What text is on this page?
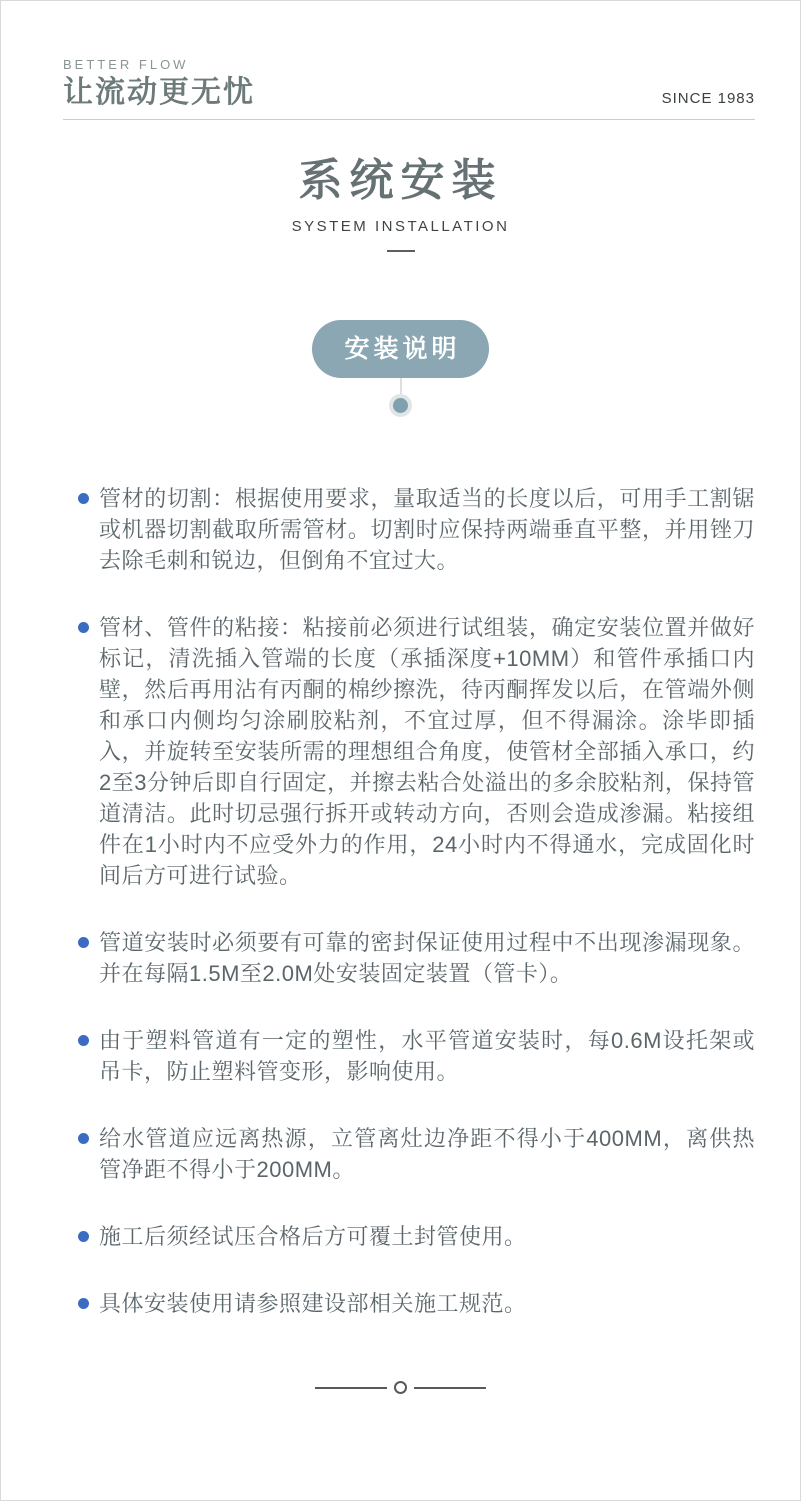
BETTER FLOW
让流动更无忧	SINCE 1983
系统安装
SYSTEM INSTALLATION
安装说明
管材的切割：根据使用要求，量取适当的长度以后，可用手工割锯或机器切割截取所需管材。切割时应保持两端垂直平整，并用锉刀去除毛刺和锐边，但倒角不宜过大。
管材、管件的粘接：粘接前必须进行试组装，确定安装位置并做好标记，清洗插入管端的长度（承插深度+10MM）和管件承插口内壁，然后再用沾有丙酮的棉纱擦洗，待丙酮挥发以后，在管端外侧和承口内侧均匀涂刷胶粘剂，不宜过厚，但不得漏涂。涂毕即插入，并旋转至安装所需的理想组合角度，使管材全部插入承口，约2至3分钟后即自行固定，并擦去粘合处溢出的多余胶粘剂，保持管道清洁。此时切忌强行拆开或转动方向，否则会造成渗漏。粘接组件在1小时内不应受外力的作用，24小时内不得通水，完成固化时间后方可进行试验。
管道安装时必须要有可靠的密封保证使用过程中不出现渗漏现象。并在每隔1.5M至2.0M处安装固定装置（管卡）。
由于塑料管道有一定的塑性，水平管道安装时，每0.6M设托架或吊卡，防止塑料管变形，影响使用。
给水管道应远离热源，立管离灶边净距不得小于400MM，离供热管净距不得小于200MM。
施工后须经试压合格后方可覆土封管使用。
具体安装使用请参照建设部相关施工规范。
